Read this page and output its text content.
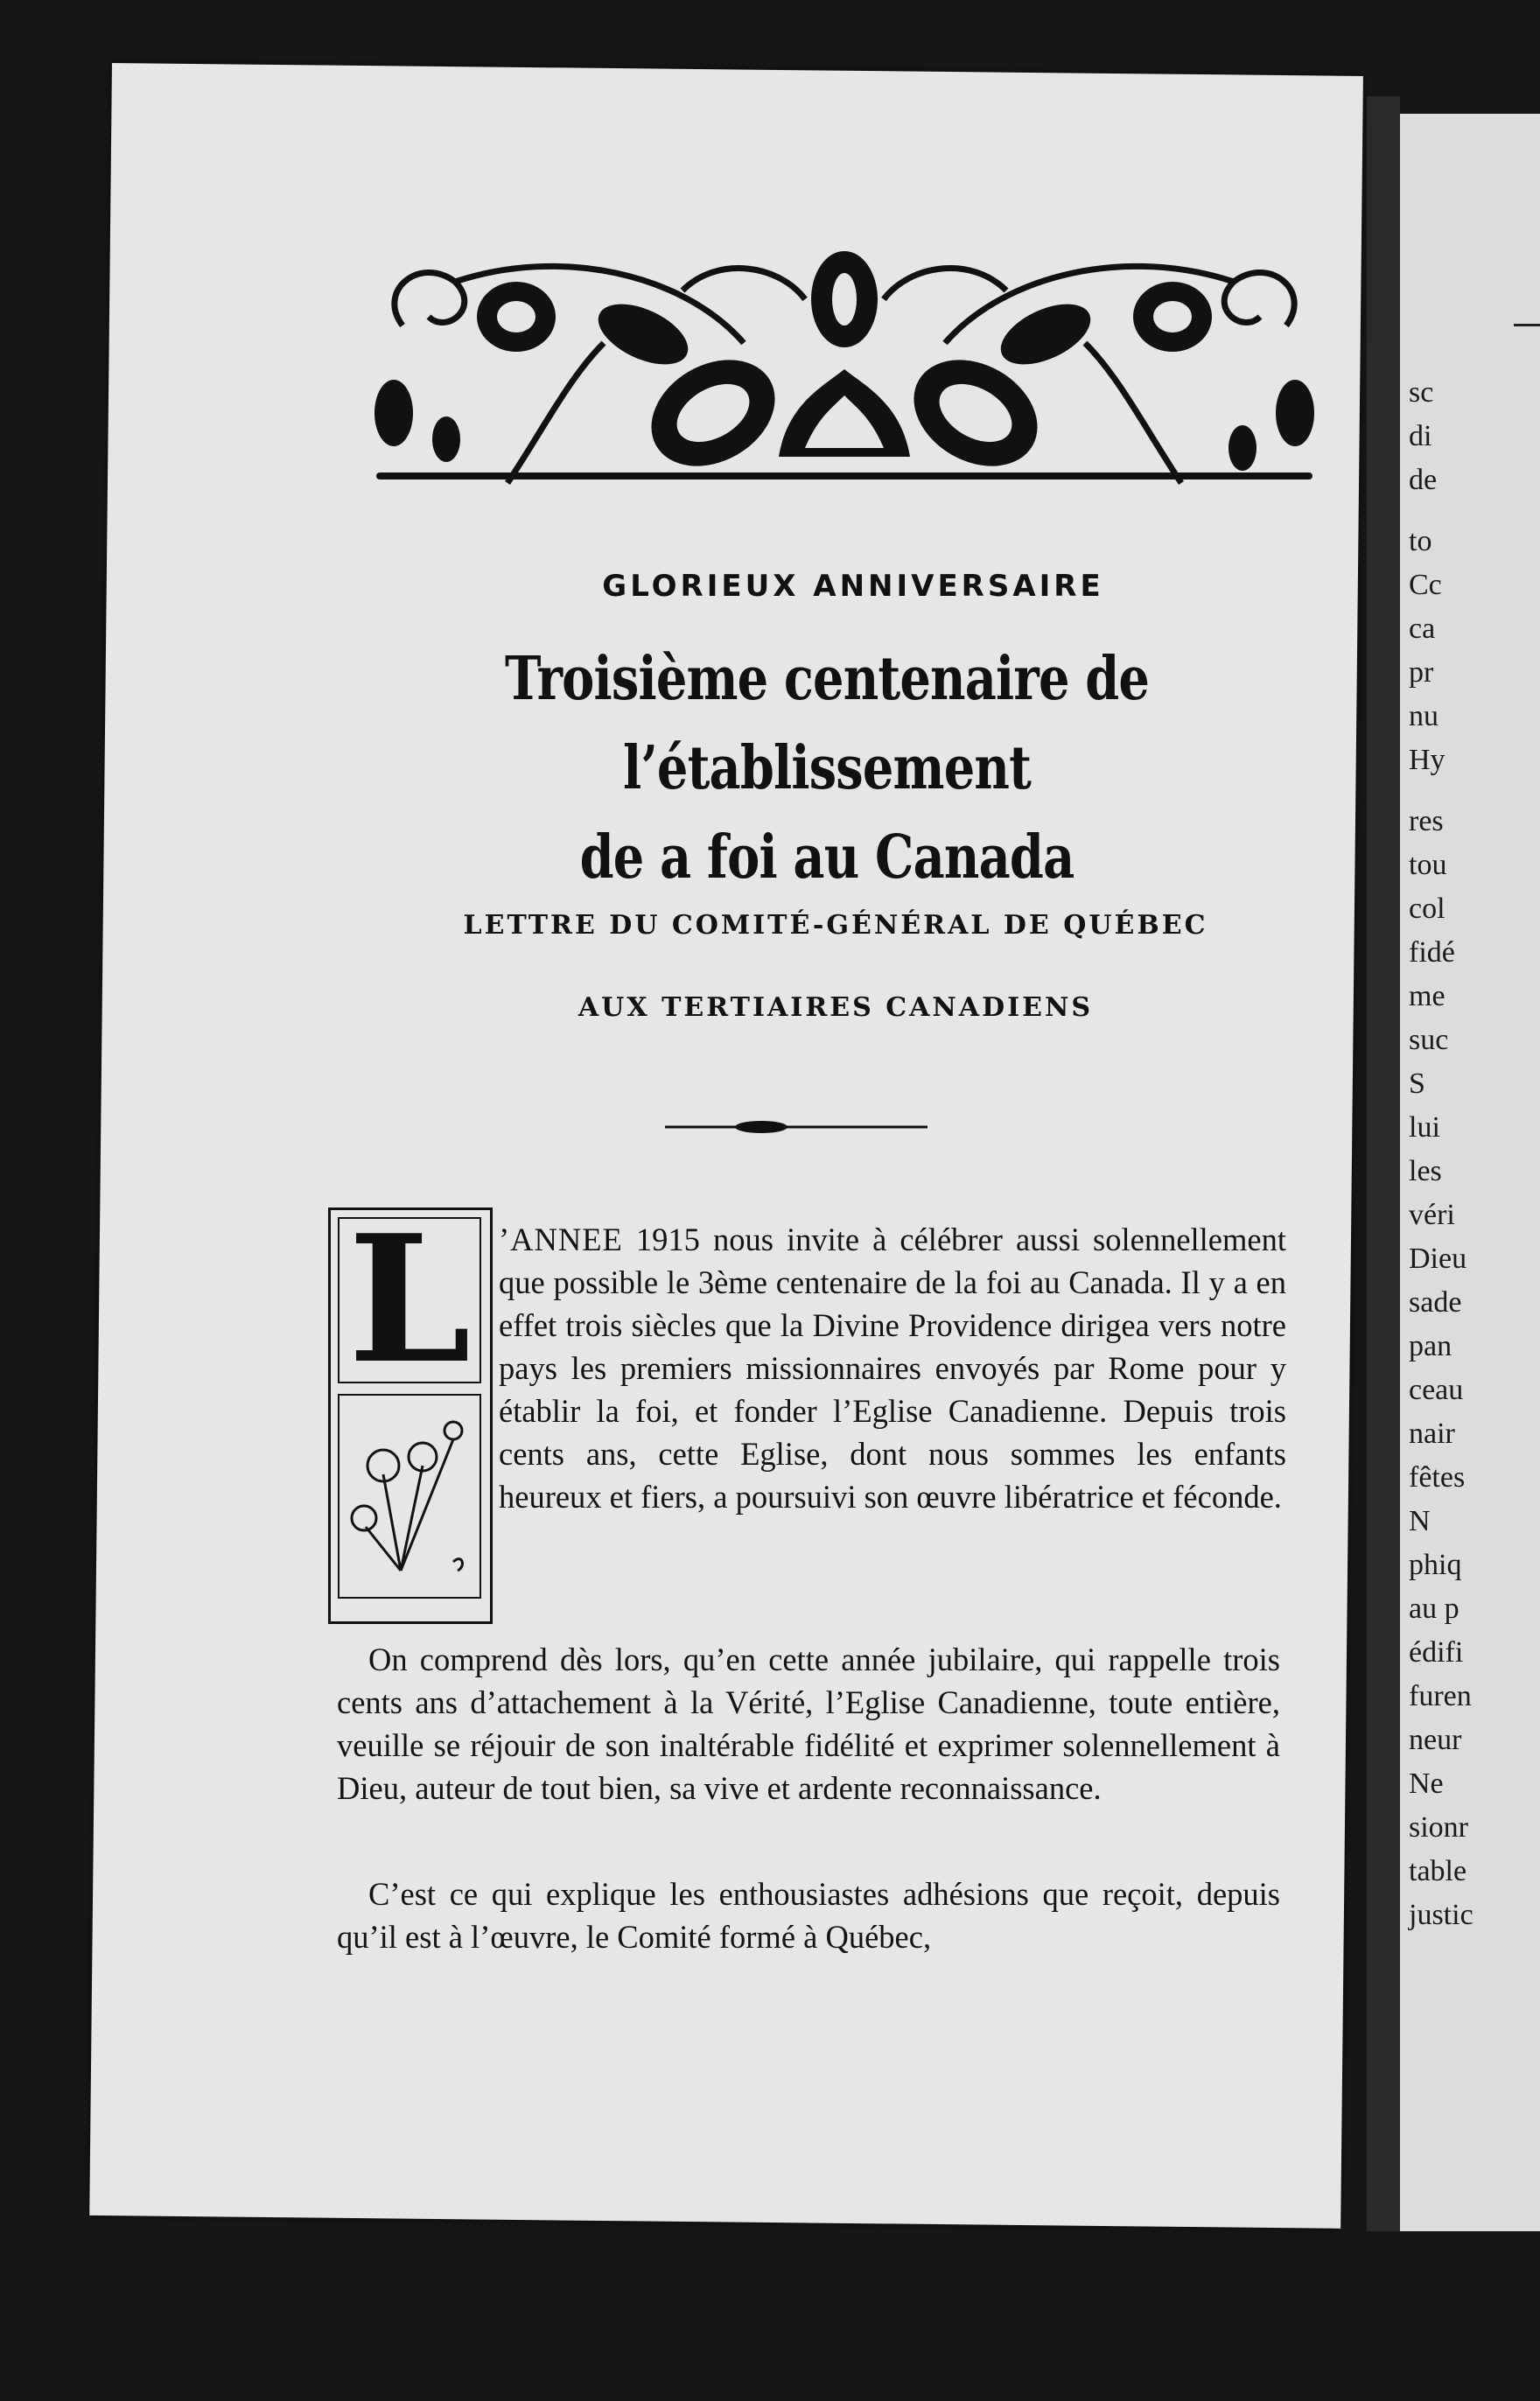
sc
di
de
to
Cc
ca
pr
nu
Hy
res
tou
col
fidé
me
suc
S
lui
les
véri
Dieu
sade
pan
ceau
nair
fêtes
N
phiq
au p
édifi
furen
neur
Ne
sionr
table
justic
GLORIEUX ANNIVERSAIRE
Troisième centenaire de l’établissement
de a foi au Canada
LETTRE DU COMITÉ-GÉNÉRAL DE QUÉBEC
AUX TERTIAIRES CANADIENS
L ’ANNEE 1915 nous invite à célébrer aussi solennellement que possible le 3ème centenaire de la foi au Canada. Il y a en effet trois siècles que la Divine Providence dirigea vers notre pays les premiers missionnaires envoyés par Rome pour y établir la foi, et fonder l’Eglise Canadienne. Depuis trois cents ans, cette Eglise, dont nous sommes les enfants heureux et fiers, a poursuivi son œuvre libératrice et féconde.
On comprend dès lors, qu’en cette année jubilaire, qui rappelle trois cents ans d’attachement à la Vérité, l’Eglise Canadienne, toute entière, veuille se réjouir de son inaltérable fidélité et exprimer solennellement à Dieu, auteur de tout bien, sa vive et ardente reconnaissance.
C’est ce qui explique les enthousiastes adhésions que reçoit, depuis qu’il est à l’œuvre, le Comité formé à Québec,
